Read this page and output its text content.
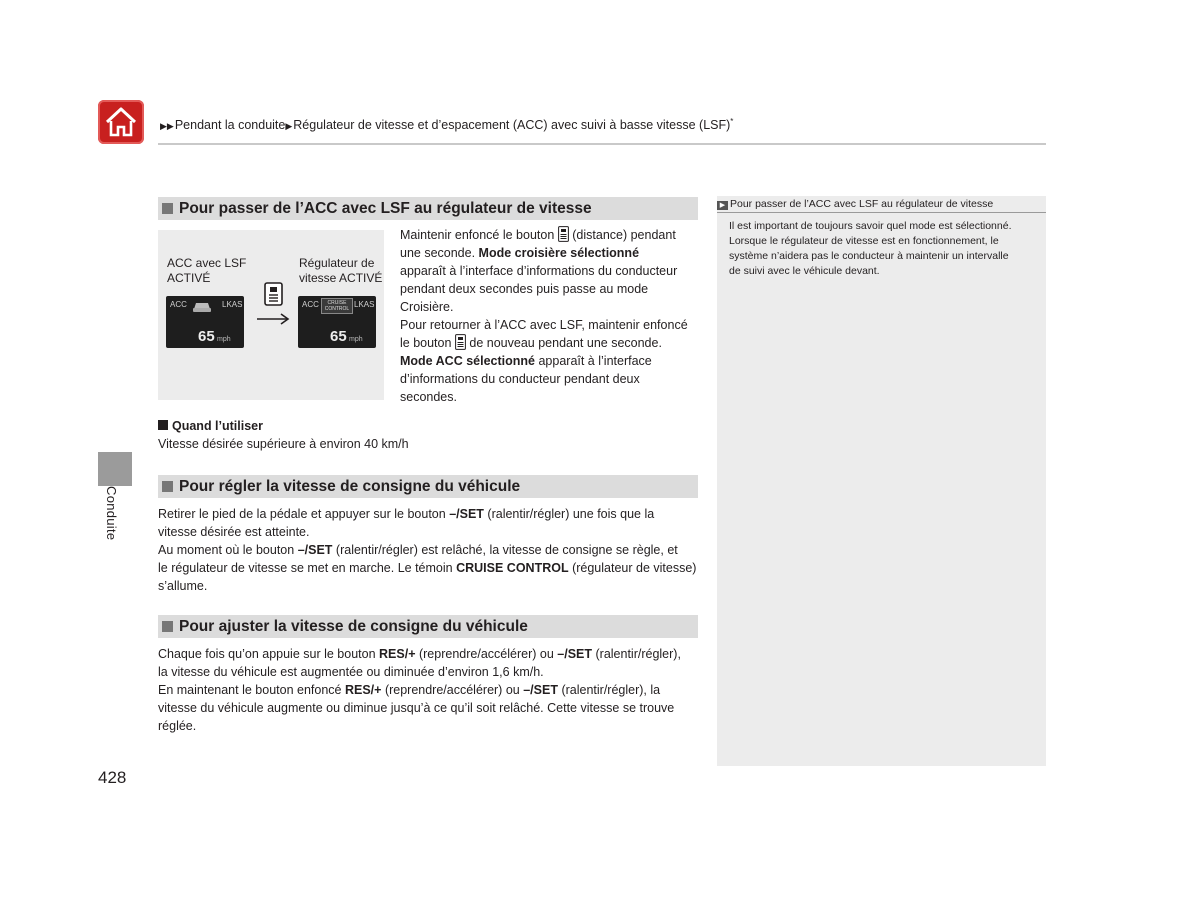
▶▶Pendant la conduite▶Régulateur de vitesse et d’espacement (ACC) avec suivi à basse vitesse (LSF)*
Conduite
Pour passer de l’ACC avec LSF au régulateur de vitesse
ACC avec LSF
ACTIVÉ
Régulateur de
vitesse ACTIVÉ
ACC	LKAS
65 mph
ACC	CRUISE
CONTROL LKAS
65 mph
Maintenir enfoncé le bouton (distance) pendant
une seconde. Mode croisière sélectionné
apparaît à l’interface d’informations du conducteur
pendant deux secondes puis passe au mode
Croisière.
Pour retourner à l’ACC avec LSF, maintenir enfoncé
le bouton de nouveau pendant une seconde.
Mode ACC sélectionné apparaît à l’interface
d’informations du conducteur pendant deux
secondes.
Quand l’utiliser
Vitesse désirée supérieure à environ 40 km/h
Pour régler la vitesse de consigne du véhicule
Retirer le pied de la pédale et appuyer sur le bouton –/SET (ralentir/régler) une fois que la
vitesse désirée est atteinte.
Au moment où le bouton –/SET (ralentir/régler) est relâché, la vitesse de consigne se règle, et
le régulateur de vitesse se met en marche. Le témoin CRUISE CONTROL (régulateur de vitesse)
s’allume.
Pour ajuster la vitesse de consigne du véhicule
Chaque fois qu’on appuie sur le bouton RES/+ (reprendre/accélérer) ou –/SET (ralentir/régler),
la vitesse du véhicule est augmentée ou diminuée d’environ 1,6 km/h.
En maintenant le bouton enfoncé RES/+ (reprendre/accélérer) ou –/SET (ralentir/régler), la
vitesse du véhicule augmente ou diminue jusqu’à ce qu’il soit relâché. Cette vitesse se trouve
réglée.
▶ Pour passer de l’ACC avec LSF au régulateur de vitesse
Il est important de toujours savoir quel mode est sélectionné.
Lorsque le régulateur de vitesse est en fonctionnement, le
système n’aidera pas le conducteur à maintenir un intervalle
de suivi avec le véhicule devant.
428
